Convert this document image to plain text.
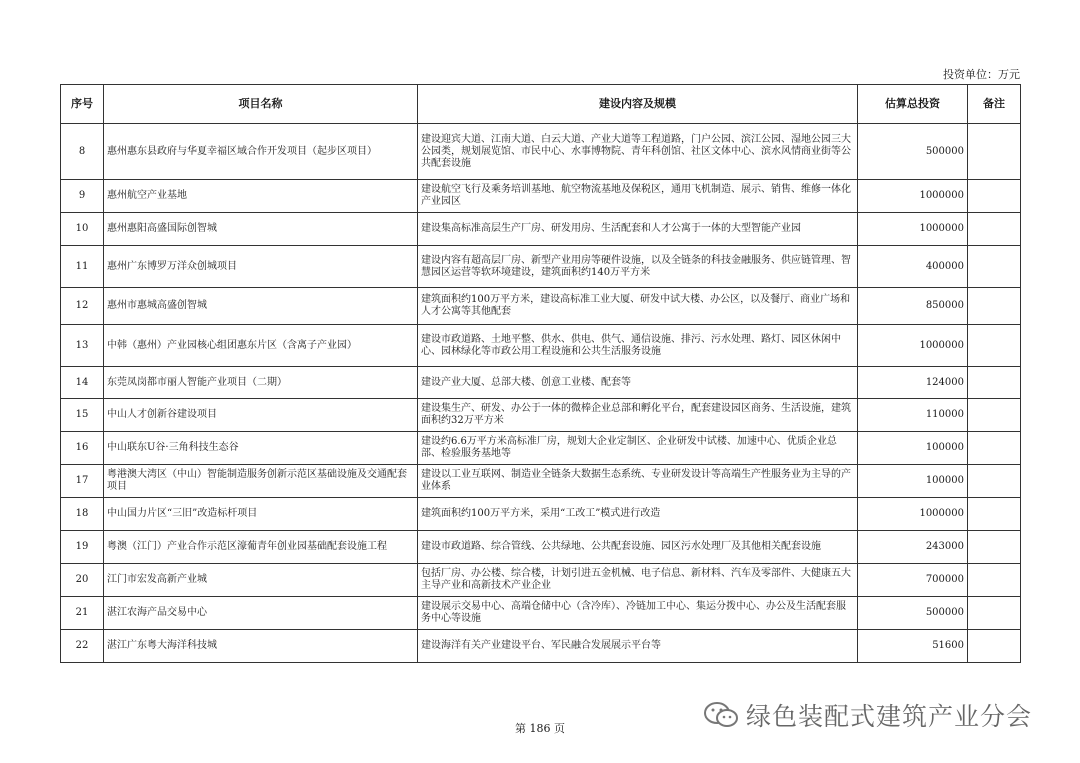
投资单位：万元
序号	项目名称	建设内容及规模	估算总投资	备注
8	惠州惠东县政府与华夏幸福区域合作开发项目（起步区项目）	建设迎宾大道、江南大道、白云大道、产业大道等工程道路，门户公园、滨江公园、湿地公园三大公园类，规划展览馆、市民中心、水事博物院、青年科创馆、社区文体中心、滨水风情商业街等公共配套设施	500000	
9	惠州航空产业基地	建设航空飞行及乘务培训基地、航空物流基地及保税区，通用飞机制造、展示、销售、维修一体化产业园区	1000000	
10	惠州惠阳高盛国际创智城	建设集高标准高层生产厂房、研发用房、生活配套和人才公寓于一体的大型智能产业园	1000000	
11	惠州广东博罗万洋众创城项目	建设内容有超高层厂房、新型产业用房等硬件设施，以及全链条的科技金融服务、供应链管理、智慧园区运营等软环境建设，建筑面积约140万平方米	400000	
12	惠州市惠城高盛创智城	建筑面积约100万平方米，建设高标准工业大厦、研发中试大楼、办公区，以及餐厅、商业广场和人才公寓等其他配套	850000	
13	中韩（惠州）产业园核心组团惠东片区（含离子产业园）	建设市政道路、土地平整、供水、供电、供气、通信设施、排污、污水处理、路灯、园区休闲中心、园林绿化等市政公用工程设施和公共生活服务设施	1000000	
14	东莞凤岗都市丽人智能产业项目（二期）	建设产业大厦、总部大楼、创意工业楼、配套等	124000	
15	中山人才创新谷建设项目	建设集生产、研发、办公于一体的微棒企业总部和孵化平台，配套建设园区商务、生活设施，建筑面积约32万平方米	110000	
16	中山联东U谷·三角科技生态谷	建设约6.6万平方米高标准厂房，规划大企业定制区、企业研发中试楼、加速中心、优质企业总部、检验服务基地等	100000	
17	粤港澳大湾区（中山）智能制造服务创新示范区基础设施及交通配套项目	建设以工业互联网、制造业全链条大数据生态系统、专业研发设计等高端生产性服务业为主导的产业体系	100000	
18	中山国力片区“三旧”改造标杆项目	建筑面积约100万平方米，采用“工改工”模式进行改造	1000000	
19	粤澳（江门）产业合作示范区濠葡青年创业园基础配套设施工程	建设市政道路、综合管线、公共绿地、公共配套设施、园区污水处理厂及其他相关配套设施	243000	
20	江门市宏发高新产业城	包括厂房、办公楼、综合楼，计划引进五金机械、电子信息、新材料、汽车及零部件、大健康五大主导产业和高新技术产业企业	700000	
21	湛江农海产品交易中心	建设展示交易中心、高端仓储中心（含冷库）、冷链加工中心、集运分拨中心、办公及生活配套服务中心等设施	500000	
22	湛江广东粤大海洋科技城	建设海洋有关产业建设平台、军民融合发展展示平台等	51600	
第 186 页	绿色装配式建筑产业分会
